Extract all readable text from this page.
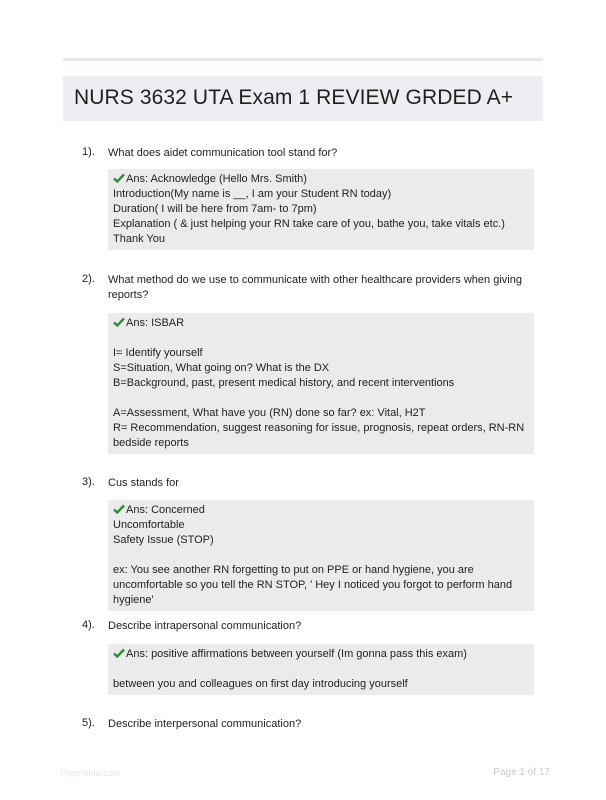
NURS 3632 UTA Exam 1 REVIEW GRDED A+
1). What does aidet communication tool stand for?
Ans: Acknowledge (Hello Mrs. Smith)
Introduction(My name is __, I am your Student RN today)
Duration( I will be here from 7am- to 7pm)
Explanation ( & just helping your RN take care of you, bathe you, take vitals etc.)
Thank You
2). What method do we use to communicate with other healthcare providers when giving reports?
Ans: ISBAR
I= Identify yourself
S=Situation, What going on? What is the DX
B=Background, past, present medical history, and recent interventions
A=Assessment, What have you (RN) done so far? ex: Vital, H2T
R= Recommendation, suggest reasoning for issue, prognosis, repeat orders, RN-RN bedside reports
3). Cus stands for
Ans: Concerned
Uncomfortable
Safety Issue (STOP)
ex: You see another RN forgetting to put on PPE or hand hygiene, you are uncomfortable so you tell the RN STOP, ' Hey I noticed you forgot to perform hand hygiene'
4). Describe intrapersonal communication?
Ans: positive affirmations between yourself (Im gonna pass this exam)
between you and colleagues on first day introducing yourself
5). Describe interpersonal communication?
Papertible.com	Page 1 of 17
